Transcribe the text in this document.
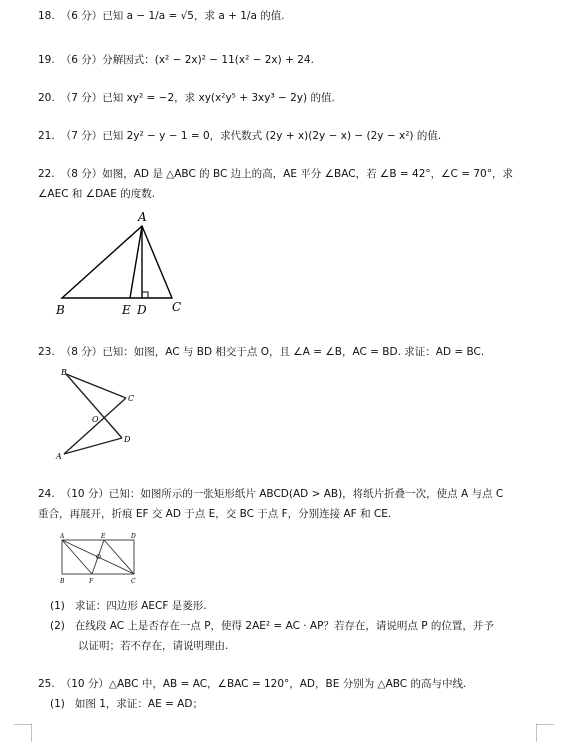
18. （6 分）已知 a − 1/a = √5，求 a + 1/a 的值.
19. （6 分）分解因式：(x² − 2x)² − 11(x² − 2x) + 24.
20. （7 分）已知 xy² = −2，求 xy(x²y⁵ + 3xy³ − 2y) 的值.
21. （7 分）已知 2y² − y − 1 = 0，求代数式 (2y + x)(2y − x) − (2y − x²) 的值.
22. （8 分）如图，AD 是 △ABC 的 BC 边上的高，AE 平分 ∠BAC，若 ∠B = 42°，∠C = 70°，求
∠AEC 和 ∠DAE 的度数.
A
B	E D C
23. （8 分）已知：如图，AC 与 BD 相交于点 O，且 ∠A = ∠B，AC = BD. 求证：AD = BC.
B
C
O
D
A
24. （10 分）已知：如图所示的一张矩形纸片 ABCD(AD > AB)，将纸片折叠一次，使点 A 与点 C
重合，再展开，折痕 EF 交 AD 于点 E，交 BC 于点 F，分别连接 AF 和 CE.
A	E	D
O
B	F	C
(1) 求证：四边形 AECF 是菱形.
(2) 在线段 AC 上是否存在一点 P，使得 2AE² = AC · AP？若存在，请说明点 P 的位置，并予
以证明；若不存在，请说明理由.
25. （10 分）△ABC 中，AB = AC，∠BAC = 120°，AD，BE 分别为 △ABC 的高与中线.
(1) 如图 1，求证：AE = AD；
